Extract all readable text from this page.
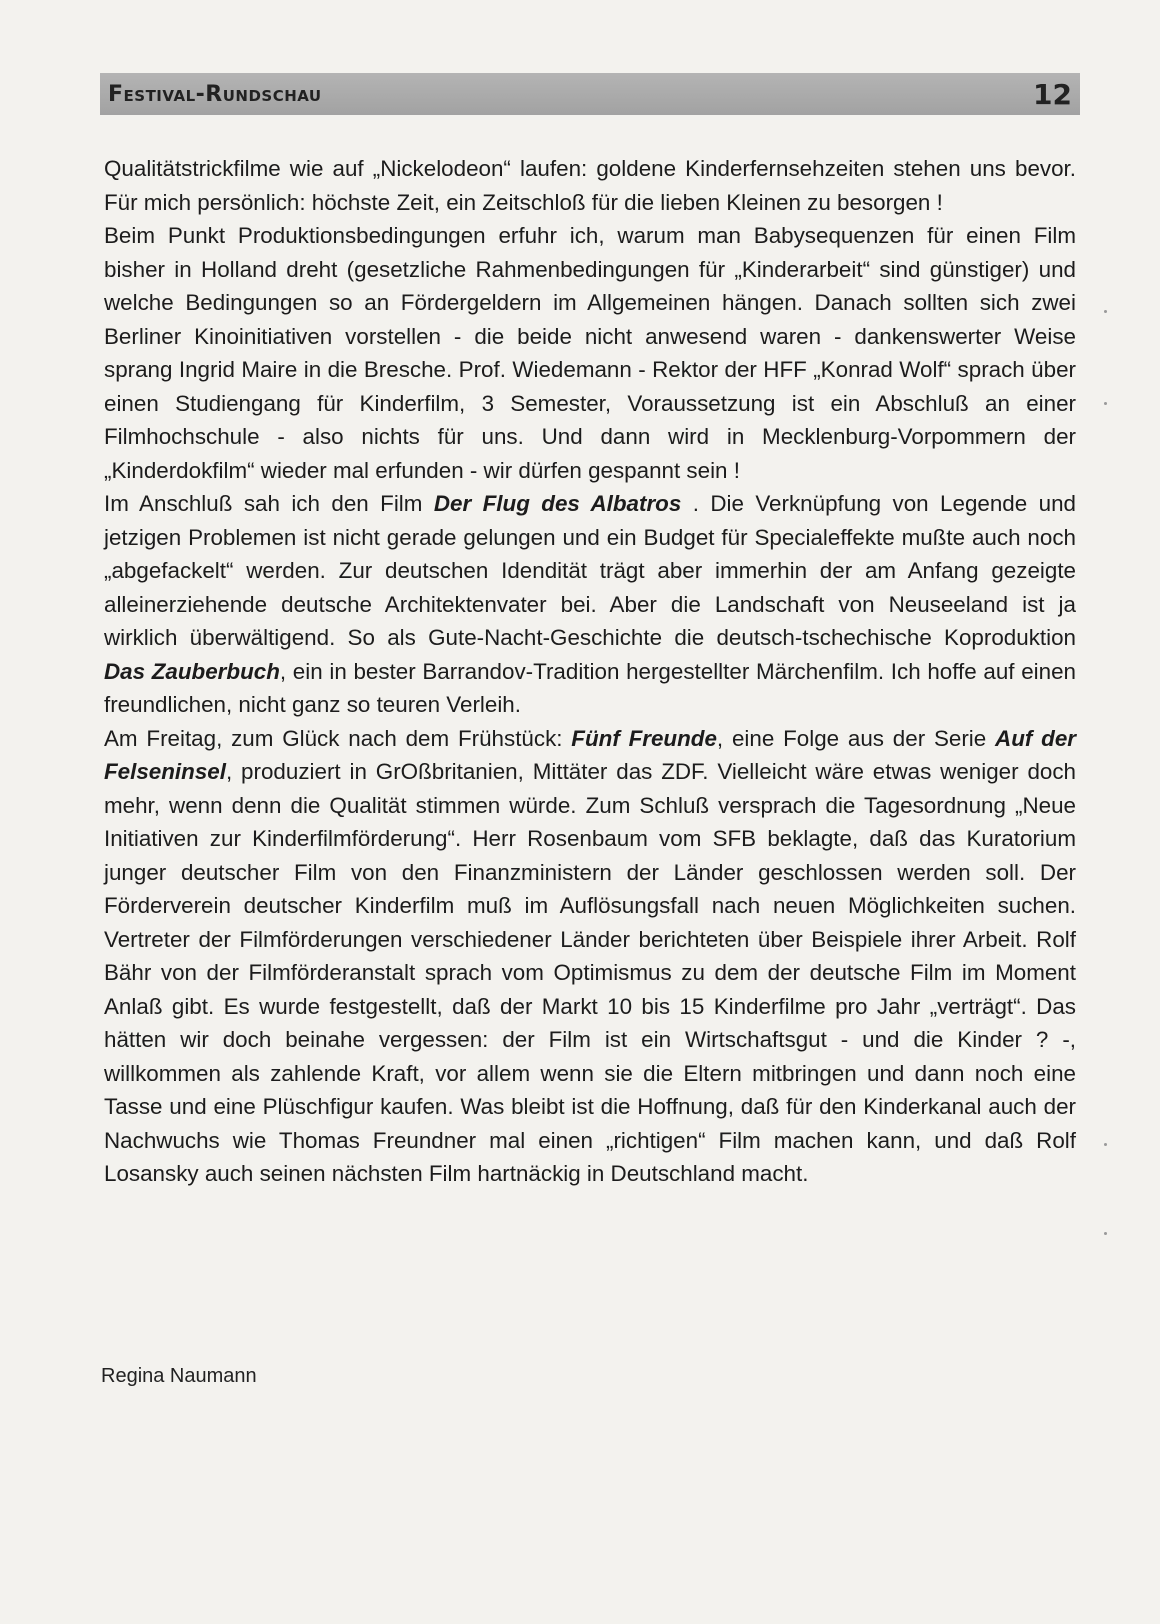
Festival-Rundschau	12

Qualitätstrickfilme wie auf „Nickelodeon“ laufen: goldene Kinderfernsehzeiten stehen uns bevor. Für mich persönlich: höchste Zeit, ein Zeitschloß für die lieben Kleinen zu besorgen !

Beim Punkt Produktionsbedingungen erfuhr ich, warum man Babysequenzen für einen Film bisher in Holland dreht (gesetzliche Rahmenbedingungen für „Kinderarbeit“ sind günstiger) und welche Bedingungen so an Fördergeldern im Allgemeinen hängen. Danach sollten sich zwei Berliner Kinoinitiativen vorstellen - die beide nicht anwesend waren - dankenswerter Weise sprang Ingrid Maire in die Bresche. Prof. Wiedemann - Rektor der HFF „Konrad Wolf“ sprach über einen Studiengang für Kinderfilm, 3 Semester, Voraussetzung ist ein Abschluß an einer Filmhochschule - also nichts für uns. Und dann wird in Mecklenburg-Vorpommern der „Kinderdokfilm“ wieder mal erfunden - wir dürfen gespannt sein !

Im Anschluß sah ich den Film Der Flug des Albatros . Die Verknüpfung von Legende und jetzigen Problemen ist nicht gerade gelungen und ein Budget für Specialeffekte mußte auch noch „abgefackelt“ werden. Zur deutschen Idendität trägt aber immerhin der am Anfang gezeigte alleinerziehende deutsche Architektenvater bei. Aber die Landschaft von Neuseeland ist ja wirklich überwältigend. So als Gute-Nacht-Geschichte die deutsch-tschechische Koproduktion Das Zauberbuch, ein in bester Barrandov-Tradition hergestellter Märchenfilm. Ich hoffe auf einen freundlichen, nicht ganz so teuren Verleih.

Am Freitag, zum Glück nach dem Frühstück: Fünf Freunde, eine Folge aus der Serie Auf der Felseninsel, produziert in GrOßbritanien, Mittäter das ZDF. Vielleicht wäre etwas weniger doch mehr, wenn denn die Qualität stimmen würde. Zum Schluß versprach die Tagesordnung „Neue Initiativen zur Kinderfilmförderung“. Herr Rosenbaum vom SFB beklagte, daß das Kuratorium junger deutscher Film von den Finanzministern der Länder geschlossen werden soll. Der Förderverein deutscher Kinderfilm muß im Auflösungsfall nach neuen Möglichkeiten suchen. Vertreter der Filmförderungen verschiedener Länder berichteten über Beispiele ihrer Arbeit. Rolf Bähr von der Filmförderanstalt sprach vom Optimismus zu dem der deutsche Film im Moment Anlaß gibt. Es wurde festgestellt, daß der Markt 10 bis 15 Kinderfilme pro Jahr „verträgt“. Das hätten wir doch beinahe vergessen: der Film ist ein Wirtschaftsgut - und die Kinder ? -, willkommen als zahlende Kraft, vor allem wenn sie die Eltern mitbringen und dann noch eine Tasse und eine Plüschfigur kaufen. Was bleibt ist die Hoffnung, daß für den Kinderkanal auch der Nachwuchs wie Thomas Freundner mal einen „richtigen“ Film machen kann, und daß Rolf Losansky auch seinen nächsten Film hartnäckig in Deutschland macht.

Regina Naumann
